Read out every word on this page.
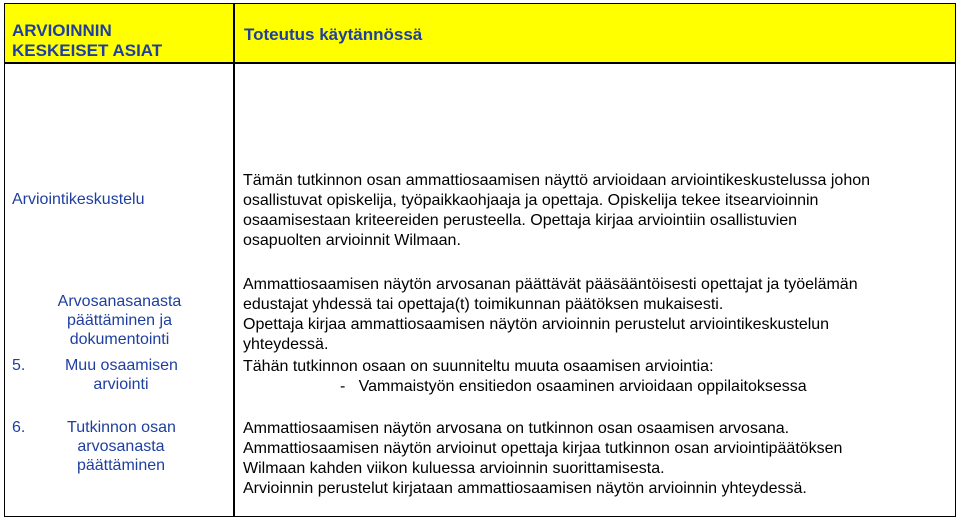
ARVIOINNIN
KESKEISET ASIAT
Toteutus käytännössä
Arviointikeskustelu
Arvosanasanasta
päättäminen ja
dokumentointi
5. Muu osaamisen
arviointi
6.	Tutkinnon osan
arvosanasta
päättäminen
Tämän tutkinnon osan ammattiosaamisen näyttö arvioidaan arviointikeskustelussa johon
osallistuvat opiskelija, työpaikkaohjaaja ja opettaja. Opiskelija tekee itsearvioinnin
osaamisestaan kriteereiden perusteella. Opettaja kirjaa arviointiin osallistuvien
osapuolten arvioinnit Wilmaan.
Ammattiosaamisen näytön arvosanan päättävät pääsääntöisesti opettajat ja työelämän
edustajat yhdessä tai opettaja(t) toimikunnan päätöksen mukaisesti.
Opettaja kirjaa ammattiosaamisen näytön arvioinnin perustelut arviointikeskustelun
yhteydessä.
Tähän tutkinnon osaan on suunniteltu muuta osaamisen arviointia:
- Vammaistyön ensitiedon osaaminen arvioidaan oppilaitoksessa
Ammattiosaamisen näytön arvosana on tutkinnon osan osaamisen arvosana.
Ammattiosaamisen näytön arvioinut opettaja kirjaa tutkinnon osan arviointipäätöksen
Wilmaan kahden viikon kuluessa arvioinnin suorittamisesta.
Arvioinnin perustelut kirjataan ammattiosaamisen näytön arvioinnin yhteydessä.
